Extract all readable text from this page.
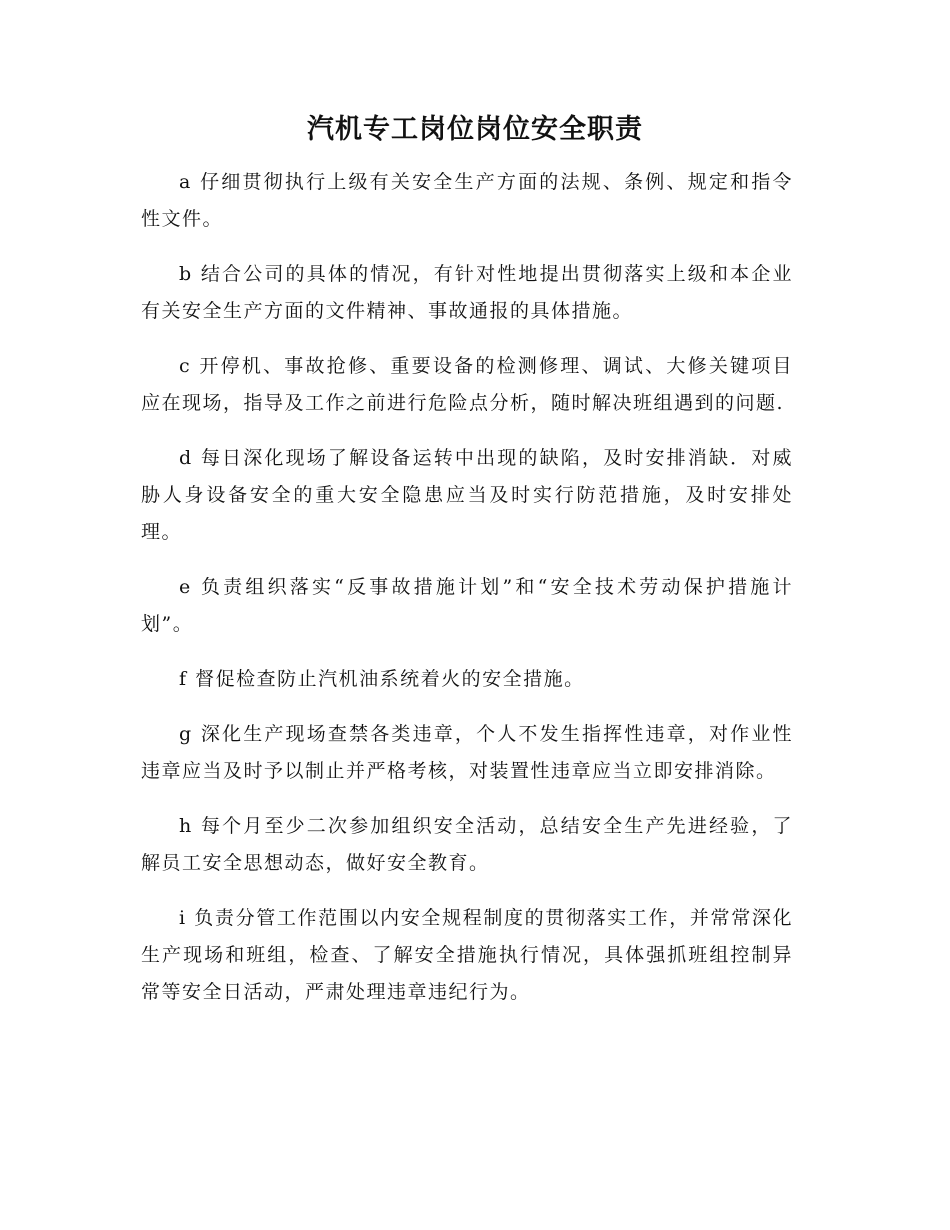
汽机专工岗位岗位安全职责

a 仔细贯彻执行上级有关安全生产方面的法规、条例、规定和指令性文件。

b 结合公司的具体的情况，有针对性地提出贯彻落实上级和本企业有关安全生产方面的文件精神、事故通报的具体措施。

c 开停机、事故抢修、重要设备的检测修理、调试、大修关键项目应在现场，指导及工作之前进行危险点分析，随时解决班组遇到的问题.

d 每日深化现场了解设备运转中出现的缺陷，及时安排消缺．对威胁人身设备安全的重大安全隐患应当及时实行防范措施，及时安排处理。

e 负责组织落实“反事故措施计划”和“安全技术劳动保护措施计划”。

f 督促检查防止汽机油系统着火的安全措施。

g 深化生产现场查禁各类违章，个人不发生指挥性违章，对作业性违章应当及时予以制止并严格考核，对装置性违章应当立即安排消除。

h 每个月至少二次参加组织安全活动，总结安全生产先进经验，了解员工安全思想动态，做好安全教育。

i 负责分管工作范围以内安全规程制度的贯彻落实工作，并常常深化生产现场和班组，检查、了解安全措施执行情况，具体强抓班组控制异常等安全日活动，严肃处理违章违纪行为。
